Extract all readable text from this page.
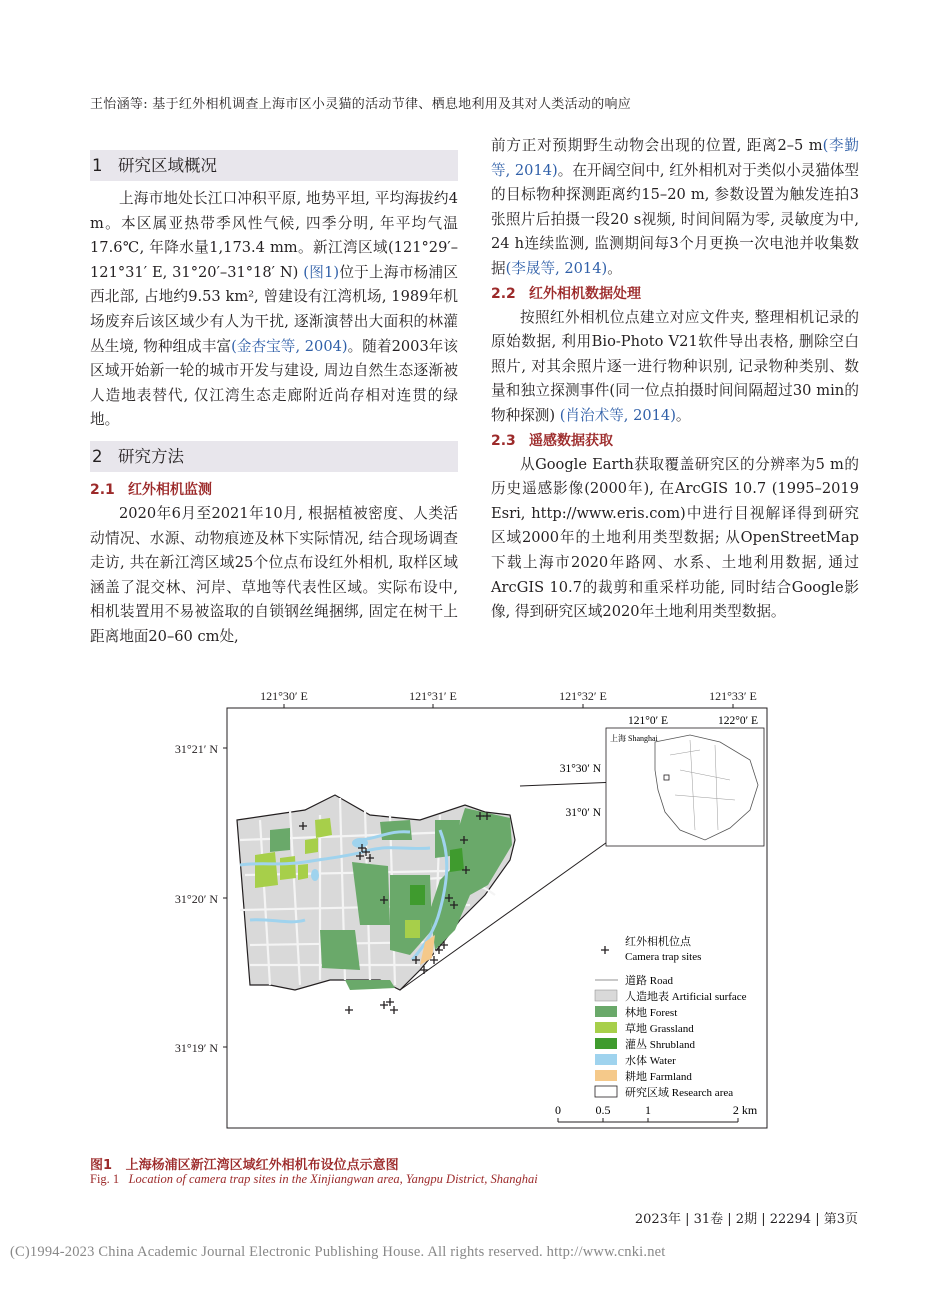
王怡涵等: 基于红外相机调查上海市区小灵猫的活动节律、栖息地利用及其对人类活动的响应
1 研究区域概况

上海市地处长江口冲积平原, 地势平坦, 平均海拔约4 m。本区属亚热带季风性气候, 四季分明, 年平均气温17.6℃, 年降水量1,173.4 mm。新江湾区域(121°29′–121°31′ E, 31°20′–31°18′ N) (图1)位于上海市杨浦区西北部, 占地约9.53 km², 曾建设有江湾机场, 1989年机场废弃后该区域少有人为干扰, 逐渐演替出大面积的林灌丛生境, 物种组成丰富(金杏宝等, 2004)。随着2003年该区域开始新一轮的城市开发与建设, 周边自然生态逐渐被人造地表替代, 仅江湾生态走廊附近尚存相对连贯的绿地。

2 研究方法
2.1 红外相机监测

2020年6月至2021年10月, 根据植被密度、人类活动情况、水源、动物痕迹及林下实际情况, 结合现场调查走访, 共在新江湾区域25个位点布设红外相机, 取样区域涵盖了混交林、河岸、草地等代表性区域。实际布设中, 相机装置用不易被盗取的自锁钢丝绳捆绑, 固定在树干上距离地面20–60 cm处,

前方正对预期野生动物会出现的位置, 距离2–5 m(李勤等, 2014)。在开阔空间中, 红外相机对于类似小灵猫体型的目标物种探测距离约15–20 m, 参数设置为触发连拍3张照片后拍摄一段20 s视频, 时间间隔为零, 灵敏度为中, 24 h连续监测, 监测期间每3个月更换一次电池并收集数据(李晟等, 2014)。

2.2 红外相机数据处理

按照红外相机位点建立对应文件夹, 整理相机记录的原始数据, 利用Bio-Photo V21软件导出表格, 删除空白照片, 对其余照片逐一进行物种识别, 记录物种类别、数量和独立探测事件(同一位点拍摄时间间隔超过30 min的物种探测) (肖治术等, 2014)。

2.3 遥感数据获取

从Google Earth获取覆盖研究区的分辨率为5 m的历史遥感影像(2000年), 在ArcGIS 10.7 (1995–2019 Esri, http://www.eris.com)中进行目视解译得到研究区域2000年的土地利用类型数据; 从OpenStreetMap下载上海市2020年路网、水系、土地利用数据, 通过ArcGIS 10.7的裁剪和重采样功能, 同时结合Google影像, 得到研究区域2020年土地利用类型数据。

121°30′ E	121°31′ E	121°32′ E	121°33′ E
31°21′ N
31°20′ N
31°19′ N
121°0′ E	122°0′ E
31°30′ N
31°0′ N
上海 Shanghai
红外相机位点
Camera trap sites
道路 Road
人造地表 Artificial surface
林地 Forest
草地 Grassland
灌丛 Shrubland
水体 Water
耕地 Farmland
研究区域 Research area
0	0.5	1	2 km
图1 上海杨浦区新江湾区域红外相机布设位点示意图
Fig. 1 Location of camera trap sites in the Xinjiangwan area, Yangpu District, Shanghai
2023年 | 31卷 | 2期 | 22294 | 第3页
(C)1994-2023 China Academic Journal Electronic Publishing House. All rights reserved. http://www.cnki.net
